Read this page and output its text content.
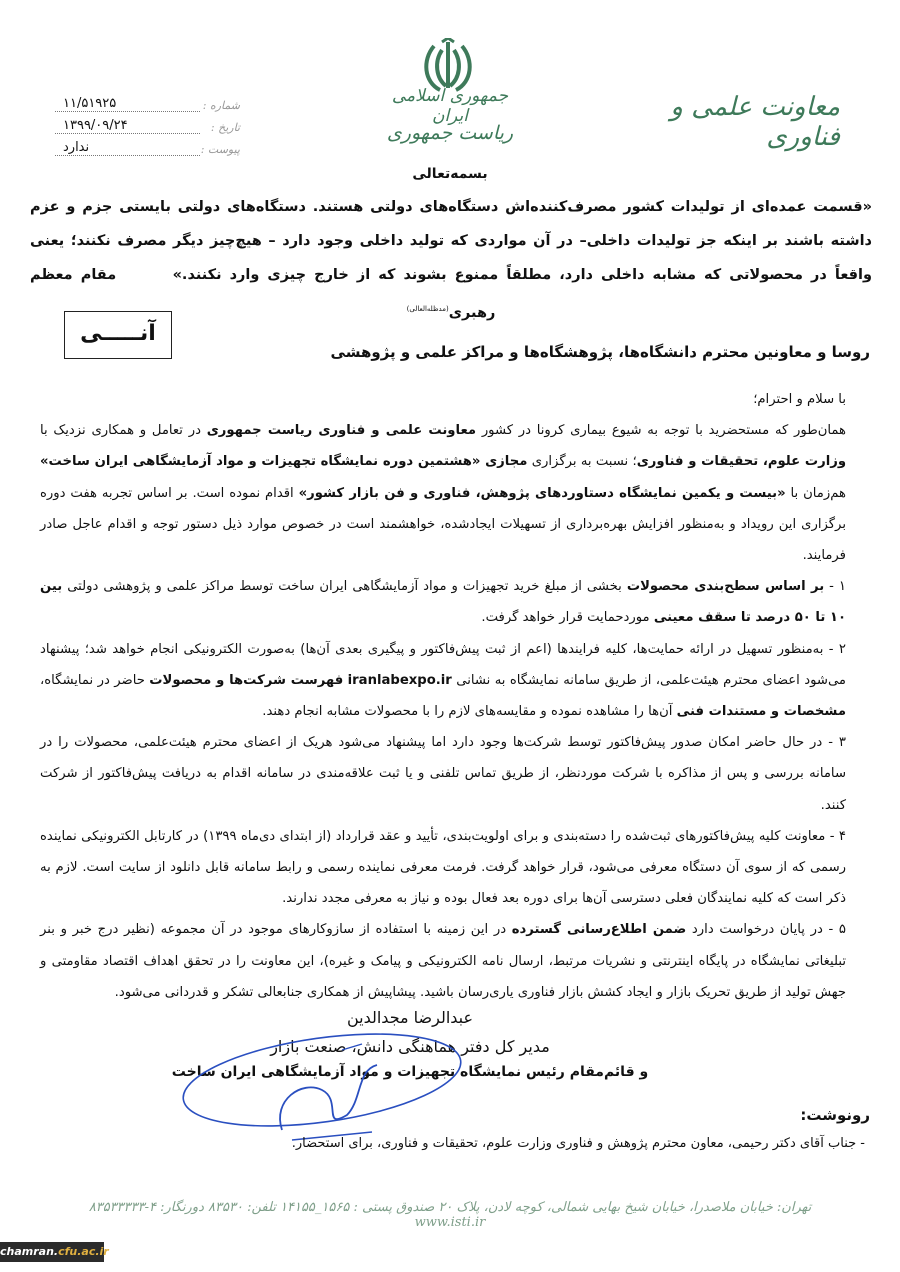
جمهوری اسلامی ایران
ریاست جمهوری
معاونت علمی و فناوری
شماره :
۱۱/۵۱۹۲۵
تاریخ :
۱۳۹۹/۰۹/۲۴
پیوست :
ندارد
بسمه‌تعالی
«قسمت عمده‌ای از تولیدات کشور مصرف‌کننده‌اش دستگاه‌های دولتی هستند. دستگاه‌های دولتی بایستی جزم و عزم داشته باشند بر اینکه جز تولیدات داخلی– در آن مواردی که تولید داخلی وجود دارد – هیچ‌چیز دیگر مصرف نکنند؛ یعنی واقعاً در محصولاتی که مشابه داخلی دارد، مطلقاً ممنوع بشوند که از خارج چیزی وارد نکنند.»       مقام معظم رهبری$^{(مدظله‌العالی)}$
آنـــــی
روسا و معاونین محترم دانشگاه‌ها، پژوهشگاه‌ها و مراکز علمی و پژوهشی

با سلام و احترام؛

همان‌طور که مستحضرید با توجه به شیوع بیماری کرونا در کشور معاونت علمی و فناوری ریاست جمهوری در تعامل و همکاری نزدیک با وزارت علوم، تحقیقات و فناوری؛ نسبت به برگزاری مجازی «هشتمین دوره نمایشگاه تجهیزات و مواد آزمایشگاهی ایران ساخت» هم‌زمان با «بیست و یکمین نمایشگاه دستاوردهای پژوهش، فناوری و فن بازار کشور» اقدام نموده است. بر اساس تجربه هفت دوره برگزاری این رویداد و به‌منظور افزایش بهره‌برداری از تسهیلات ایجادشده، خواهشمند است در خصوص موارد ذیل دستور توجه و اقدام عاجل صادر فرمایند.

۱ - بر اساس سطح‌بندی محصولات بخشی از مبلغ خرید تجهیزات و مواد آزمایشگاهی ایران ساخت توسط مراکز علمی و پژوهشی دولتی بین ۱۰ تا ۵۰ درصد تا سقف معینی موردحمایت قرار خواهد گرفت.

۲ - به‌منظور تسهیل در ارائه حمایت‌ها، کلیه فرایندها (اعم از ثبت پیش‌فاکتور و پیگیری بعدی آن‌ها) به‌صورت الکترونیکی انجام خواهد شد؛ پیشنهاد می‌شود اعضای محترم هیئت‌علمی، از طریق سامانه نمایشگاه به نشانی iranlabexpo.ir فهرست شرکت‌ها و محصولات حاضر در نمایشگاه، مشخصات و مستندات فنی آن‌ها را مشاهده نموده و مقایسه‌های لازم را با محصولات مشابه انجام دهند.

۳ - در حال حاضر امکان صدور پیش‌فاکتور توسط شرکت‌ها وجود دارد اما پیشنهاد می‌شود هریک از اعضای محترم هیئت‌علمی، محصولات را در سامانه بررسی و پس از مذاکره با شرکت موردنظر، از طریق تماس تلفنی و یا ثبت علاقه‌مندی در سامانه اقدام به دریافت پیش‌فاکتور از شرکت کنند.

۴ - معاونت کلیه پیش‌فاکتورهای ثبت‌شده را دسته‌بندی و برای اولویت‌بندی، تأیید و عقد قرارداد (از ابتدای دی‌ماه ۱۳۹۹) در کارتابل الکترونیکی نماینده رسمی که از سوی آن دستگاه معرفی می‌شود، قرار خواهد گرفت. فرمت معرفی نماینده رسمی و رابط سامانه قابل دانلود از سایت است. لازم به ذکر است که کلیه نمایندگان فعلی دسترسی آن‌ها برای دوره بعد فعال بوده و نیاز به معرفی مجدد ندارند.

۵ - در پایان درخواست دارد ضمن اطلاع‌رسانی گسترده در این زمینه با استفاده از سازوکارهای موجود در آن مجموعه (نظیر درج خبر و بنر تبلیغاتی نمایشگاه در پایگاه اینترنتی و نشریات مرتبط، ارسال نامه الکترونیکی و پیامک و غیره)، این معاونت را در تحقق اهداف اقتصاد مقاومتی و جهش تولید از طریق تحریک بازار و ایجاد کشش بازار فناوری یاری‌رسان باشید. پیشاپیش از همکاری جنابعالی تشکر و قدردانی می‌شود.

عبدالرضا مجدالدین
مدیر کل دفتر هماهنگی دانش، صنعت بازار
و قائم‌مقام رئیس نمایشگاه تجهیزات و مواد آزمایشگاهی ایران ساخت
رونوشت:
- جناب آقای دکتر رحیمی، معاون محترم پژوهش و فناوری وزارت علوم، تحقیقات و فناوری، برای استحضار.
تهران: خیابان ملاصدرا، خیابان شیخ بهایی شمالی، کوچه لادن، پلاک ۲۰ صندوق پستی : ۱۵۶۵_۱۴۱۵۵ تلفن: ۸۳۵۳۰ دورنگار: ۴-۸۳۵۳۳۳۳۳ www.isti.ir
chamran.cfu.ac.ir
